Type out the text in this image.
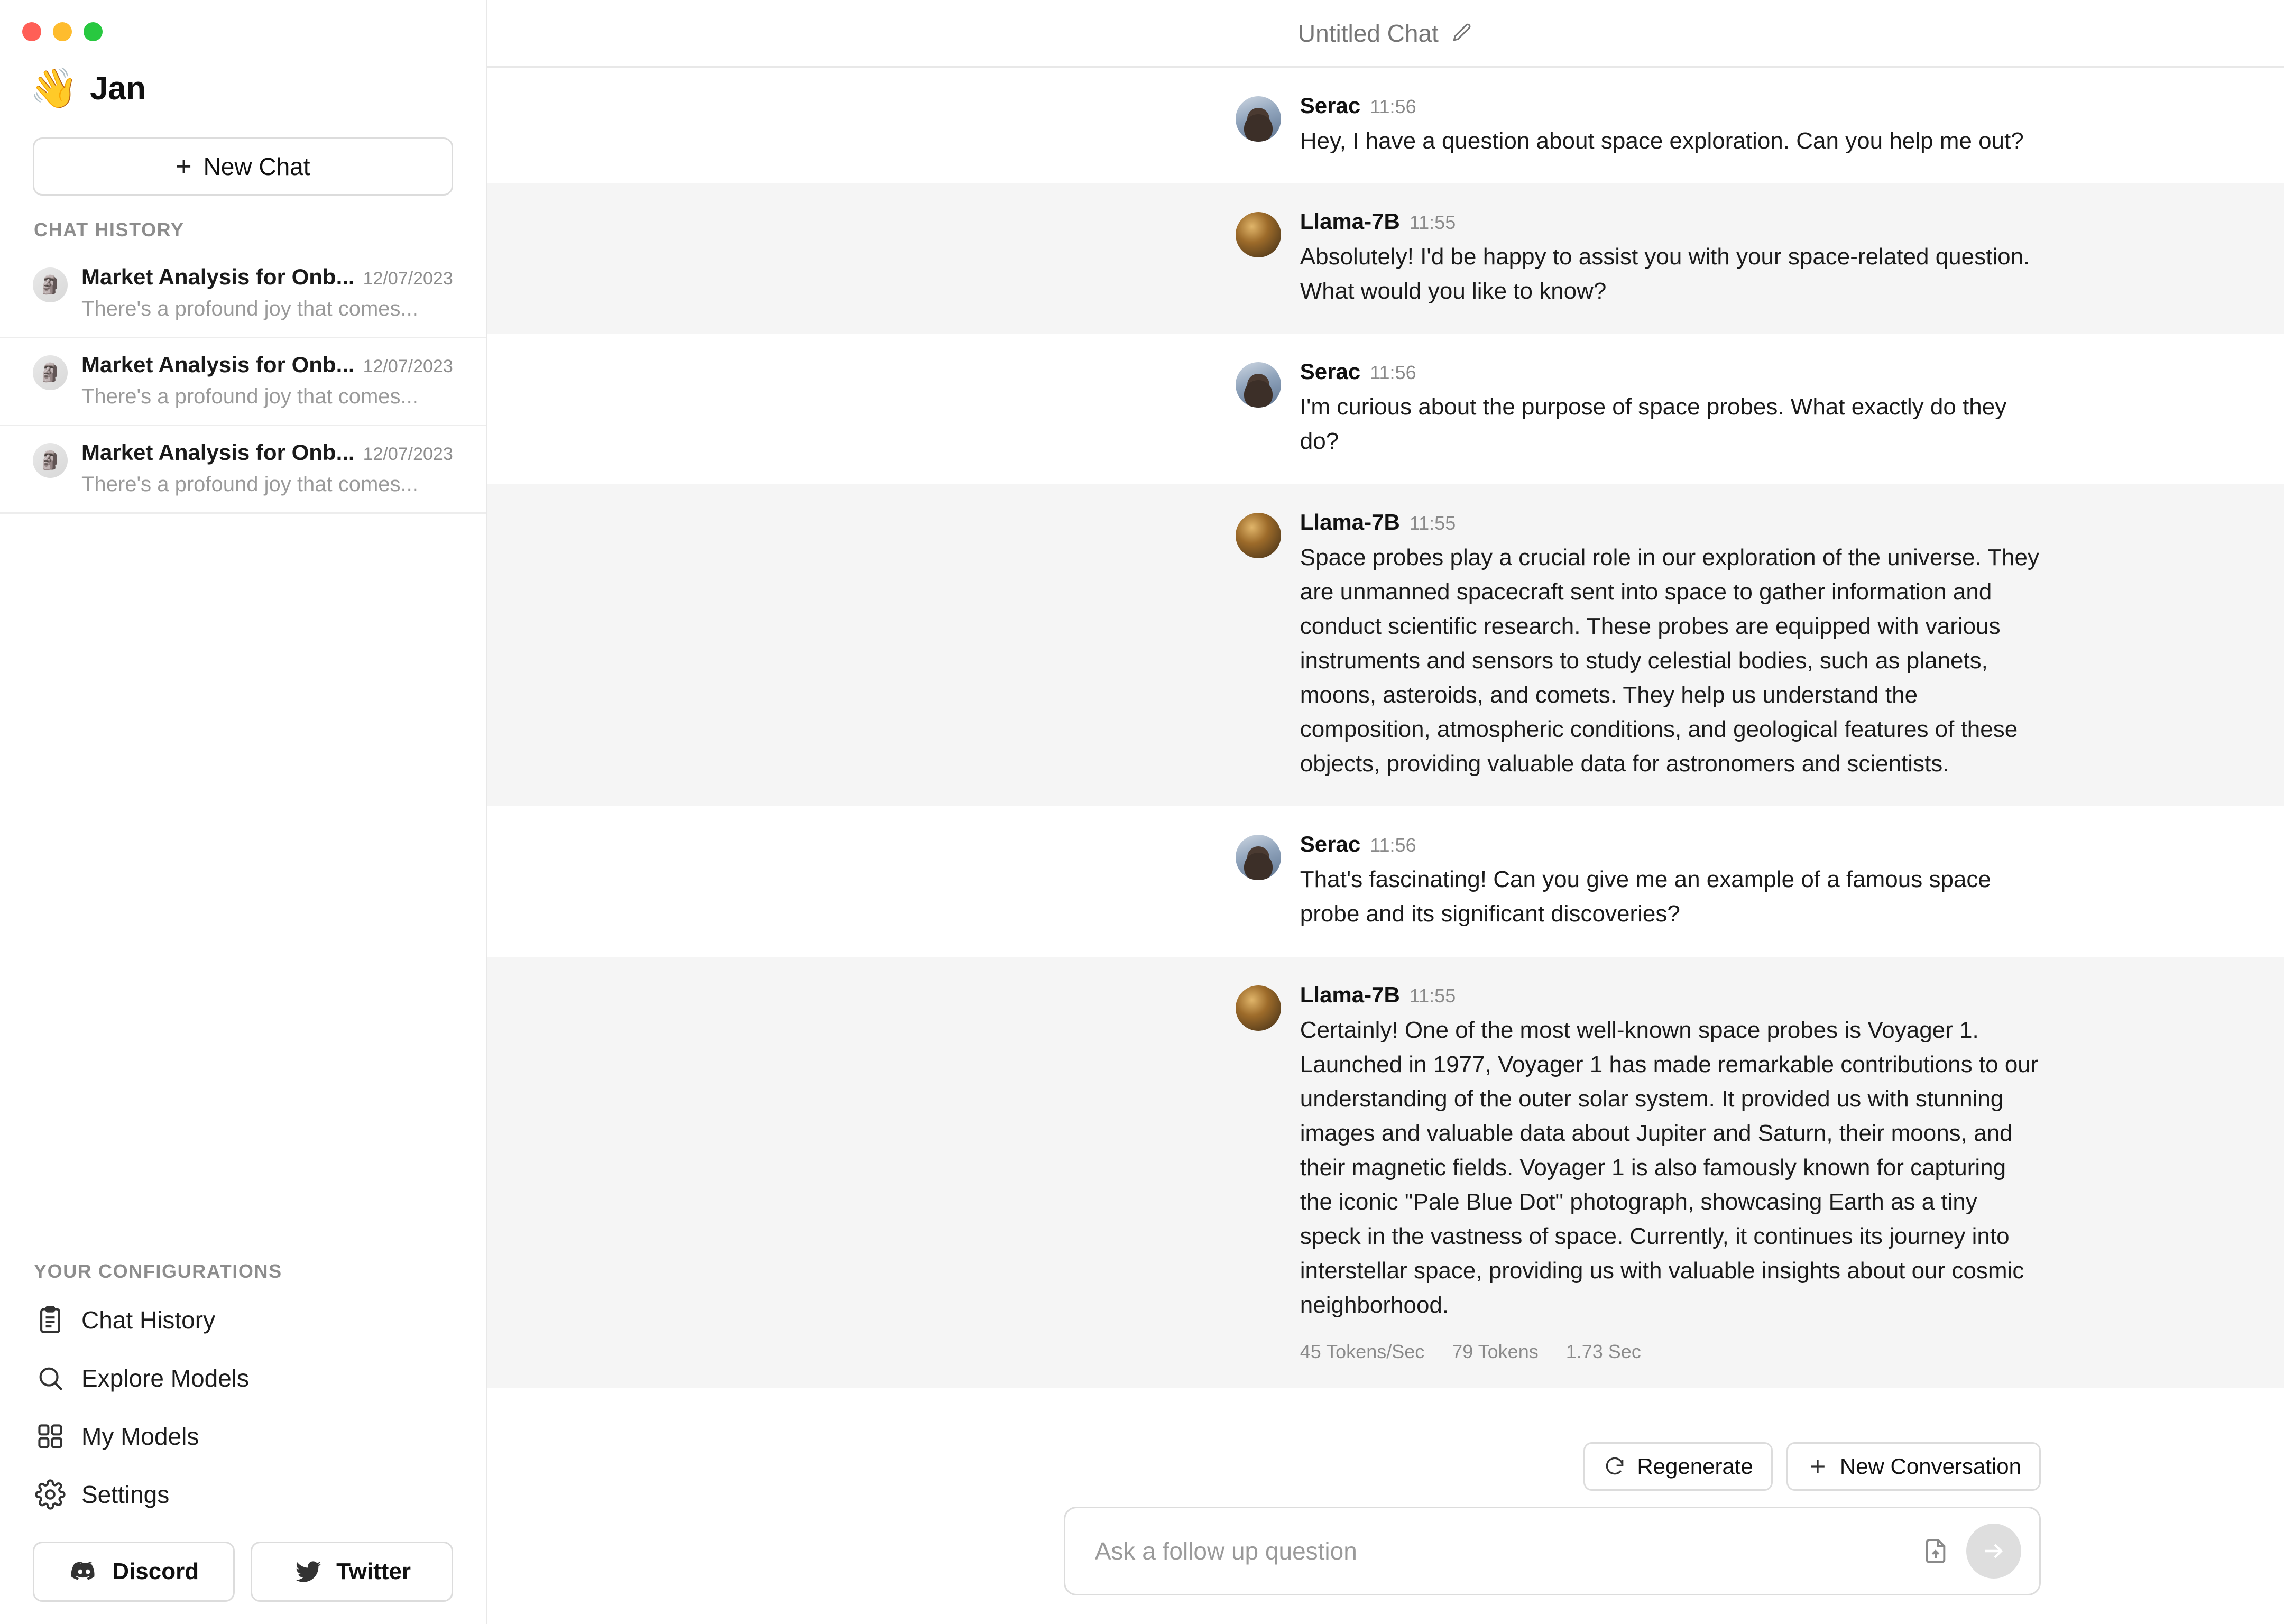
👋 Jan
+ New Chat
CHAT HISTORY
🗿 Market Analysis for Onb... 12/07/2023
There's a profound joy that comes...
🗿 Market Analysis for Onb... 12/07/2023
There's a profound joy that comes...
🗿 Market Analysis for Onb... 12/07/2023
There's a profound joy that comes...
YOUR CONFIGURATIONS
Chat History
Explore Models
My Models
Settings
Discord	Twitter
Untitled Chat
Serac 11:56
Hey, I have a question about space exploration. Can you help me out?
Llama-7B 11:55
Absolutely! I'd be happy to assist you with your space-related question. What would you like to know?
Serac 11:56
I'm curious about the purpose of space probes. What exactly do they do?
Llama-7B 11:55
Space probes play a crucial role in our exploration of the universe. They are unmanned spacecraft sent into space to gather information and conduct scientific research. These probes are equipped with various instruments and sensors to study celestial bodies, such as planets, moons, asteroids, and comets. They help us understand the composition, atmospheric conditions, and geological features of these objects, providing valuable data for astronomers and scientists.
Serac 11:56
That's fascinating! Can you give me an example of a famous space probe and its significant discoveries?
Llama-7B 11:55
Certainly! One of the most well-known space probes is Voyager 1. Launched in 1977, Voyager 1 has made remarkable contributions to our understanding of the outer solar system. It provided us with stunning images and valuable data about Jupiter and Saturn, their moons, and their magnetic fields. Voyager 1 is also famously known for capturing the iconic "Pale Blue Dot" photograph, showcasing Earth as a tiny speck in the vastness of space. Currently, it continues its journey into interstellar space, providing us with valuable insights about our cosmic neighborhood.
45 Tokens/Sec 79 Tokens 1.73 Sec
Regenerate	New Conversation
Ask a follow up question
